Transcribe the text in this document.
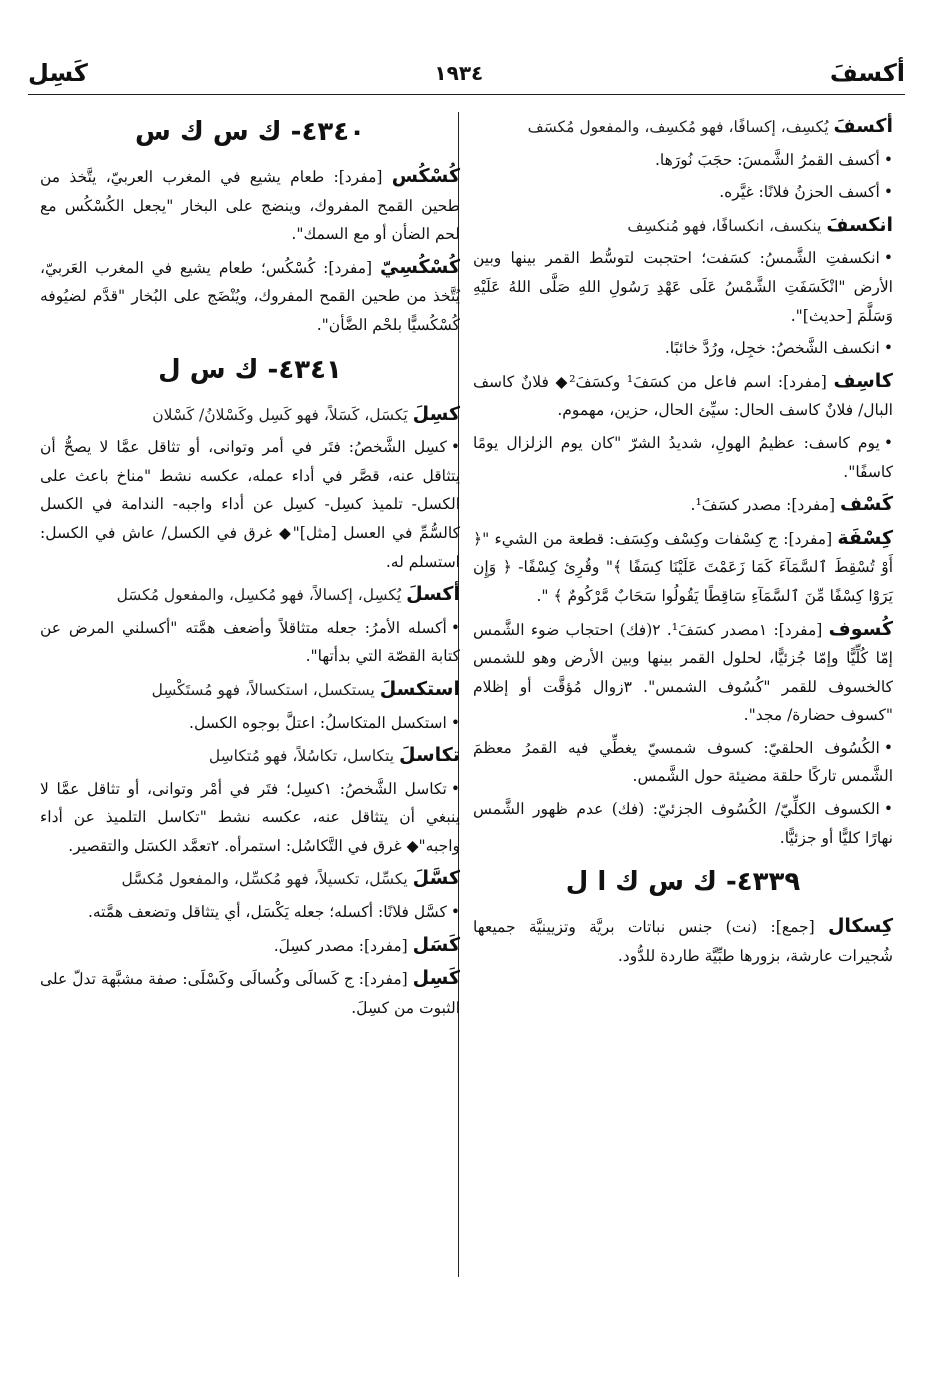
أكسفَ
١٩٣٤
كَسِل
أكسفَ يُكسِف، إكسافًا، فهو مُكسِف، والمفعول مُكسَف
•أكسف القمرُ الشَّمسَ: حجَبَ نُورَها.
•أكسف الحزنُ فلانًا: غيَّره.
انكسفَ ينكسف، انكسافًا، فهو مُنكسِف
•انكسفتِ الشَّمسُ: كسَفت؛ احتجبت لتوسُّط القمر بينها وبين الأرض "انْكَسَفَتِ الشَّمْسُ عَلَى عَهْدِ رَسُولِ اللهِ صَلَّى اللهُ عَلَيْهِ وَسَلَّمَ [حديث]".
•انكسف الشَّخصُ: خجِل، ورُدَّ خائبًا.
كاسِف [مفرد]: اسم فاعل من كسَفَ¹ وكسَفَ²◆ فلانٌ كاسف البال/ فلانٌ كاسف الحال: سيِّئ الحال، حزين، مهموم.
•يوم كاسف: عظيمُ الهولِ، شديدُ الشرّ "كان يوم الزلزال يومًا كاسفًا".
كَسْف [مفرد]: مصدر كسَفَ¹.
كِسْفَة [مفرد]: ج كِسْفات وكِسْف وكِسَف: قطعة من الشيء "﴿ أَوْ تُسْقِطَ ٱلسَّمَآءَ كَمَا زَعَمْتَ عَلَيْنَا كِسَفًا ﴾" وقُرِئ كِسْفًا- ﴿ وَإِن يَرَوْا كِسْفًا مِّنَ ٱلسَّمَآءِ سَاقِطًا يَقُولُوا سَحَابٌ مَّرْكُومٌ ﴾ ".
كُسوف [مفرد]: ١مصدر كسَفَ¹. ٢(فك) احتجاب ضوء الشَّمس إمّا كُلِّيًّا وإمّا جُزئيًّا، لحلول القمر بينها وبين الأرض وهو للشمس كالخسوف للقمر "كُسُوف الشمس". ٣زوال مُؤقَّت أو إظلام "كسوف حضارة/ مجد".
•الكُسُوف الحلقيّ: كسوف شمسيّ يغطِّي فيه القمرُ معظمَ الشَّمس تاركًا حلقة مضيئة حول الشَّمس.
•الكسوف الكلِّيّ/ الكُسُوف الجزئيّ: (فك) عدم ظهور الشَّمس نهارًا كليًّا أو جزئيًّا.
٤٣٣٩- ك س ك ا ل
كِسكال [جمع]: (نت) جنس نباتات بريَّة وتزيينيَّة جميعها شُجيرات عارشة، بزورها طبِّيَّة طاردة للدُّود.
٤٣٤٠- ك س ك س
كُسْكُس [مفرد]: طعام يشيع في المغرب العربيّ، يتَّخذ من طحين القمح المفروك، وينضج على البخار "يجعل الكُسْكُس مع لحم الضأن أو مع السمك".
كُسْكُسِيّ [مفرد]: كُسْكُس؛ طعام يشيع في المغرب العَربيّ، يُتَّخذ من طحين القمح المفروك، ويُنْضَج على البُخار "قدَّم لضيُوفه كُسْكُسيًّا بلحْم الضَّأن".
٤٣٤١- ك س ل
كسِلَ يَكسَل، كَسَلاً، فهو كَسِل وكَسْلانُ/ كَسْلان
•كسِل الشَّخصُ: فتَر في أمر وتوانى، أو تثاقل عمَّا لا يصحُّ أن يتثاقل عنه، قصَّر في أداء عمله، عكسه نشط "مناخ باعث على الكسل- تلميذ كسِل- كسِل عن أداء واجبه- الندامة في الكسل كالسُّمِّ في العسل [مثل]"◆ غرق في الكسل/ عاش في الكسل: استسلم له.
أكسلَ يُكسِل، إكسالاً، فهو مُكسِل، والمفعول مُكسَل
•أكسله الأمرُ: جعله متثاقلاً وأضعف همَّته "أكسلني المرض عن كتابة القصّة التي بدأتها".
استكسلَ يستكسل، استكسالاً، فهو مُستَكْسِل
•استكسل المتكاسلُ: اعتلَّ بوجوه الكسل.
تكاسلَ يتكاسل، تكاسُلاً، فهو مُتكاسِل
•تكاسل الشَّخصُ: ١كسِل؛ فتَر في أمْر وتوانى، أو تثاقل عمَّا لا ينبغي أن يتثاقل عنه، عكسه نشط "تكاسل التلميذ عن أداء واجبه"◆ غرق في التَّكاسُل: استمرأه. ٢تعمَّد الكسَل والتقصير.
كسَّلَ يكسِّل، تكسيلاً، فهو مُكسِّل، والمفعول مُكسَّل
•كسَّل فلانًا: أكسله؛ جعله يَكْسَل، أي يتثاقل وتضعف همَّته.
كَسَل [مفرد]: مصدر كسِلَ.
كَسِل [مفرد]: ج كَسالَى وكُسالَى وكَسْلَى: صفة مشبَّهة تدلّ على الثبوت من كسِلَ.
